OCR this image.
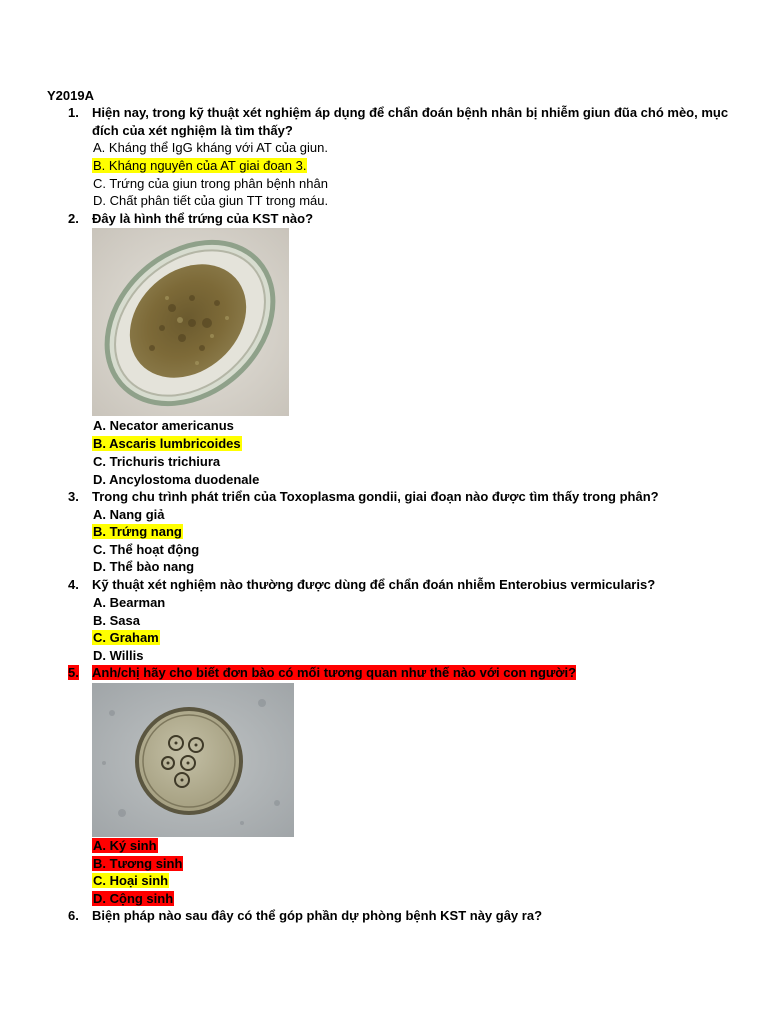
Y2019A
1.	Hiện nay, trong kỹ thuật xét nghiệm áp dụng để chẩn đoán bệnh nhân bị nhiễm giun đũa chó mèo, mục đích của xét nghiệm là tìm thấy?
A. Kháng thể IgG kháng với AT của giun.
B. Kháng nguyên của AT giai đoạn 3.
C. Trứng của giun trong phân bệnh nhân
D. Chất phân tiết của giun TT trong máu.
2.	Đây là hình thể trứng của KST nào?
A. Necator americanus
B. Ascaris lumbricoides
C. Trichuris trichiura
D. Ancylostoma duodenale
3.	Trong chu trình phát triển của Toxoplasma gondii, giai đoạn nào được tìm thấy trong phân?
A. Nang giả
B. Trứng nang
C. Thể hoạt động
D. Thể bào nang
4.	Kỹ thuật xét nghiệm nào thường được dùng để chẩn đoán nhiễm Enterobius vermicularis?
A. Bearman
B. Sasa
C. Graham
D. Willis
5.	Anh/chị hãy cho biết đơn bào có mối tương quan như thế nào với con người?
A. Ký sinh
B. Tương sinh
C. Hoại sinh
D. Cộng sinh
6.	Biện pháp nào sau đây có thể góp phần dự phòng bệnh KST này gây ra?
